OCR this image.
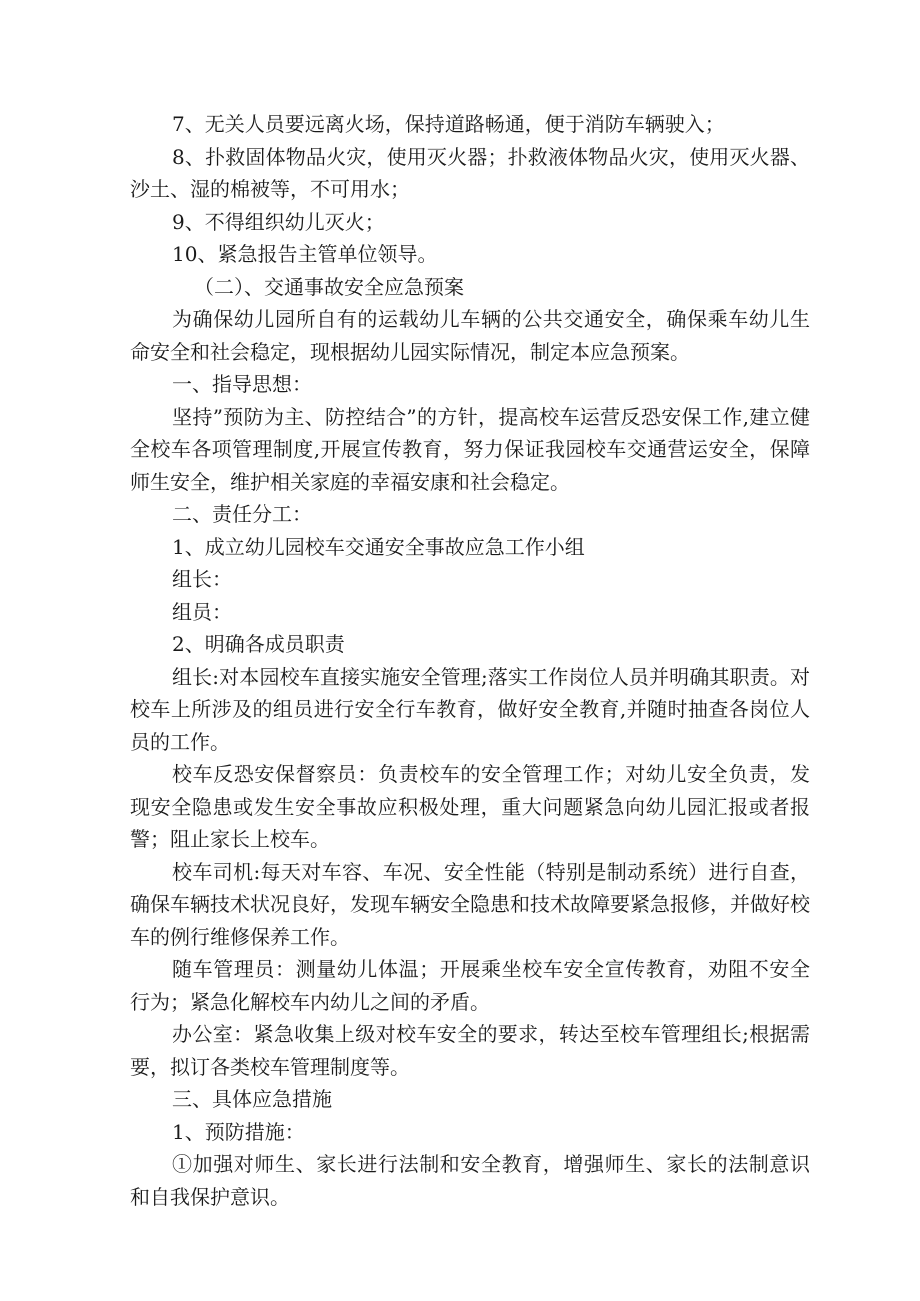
7、无关人员要远离火场，保持道路畅通，便于消防车辆驶入；

8、扑救固体物品火灾，使用灭火器；扑救液体物品火灾，使用灭火器、沙土、湿的棉被等，不可用水；

9、不得组织幼儿灭火；

10、紧急报告主管单位领导。

（二）、交通事故安全应急预案

为确保幼儿园所自有的运载幼儿车辆的公共交通安全，确保乘车幼儿生命安全和社会稳定，现根据幼儿园实际情况，制定本应急预案。

一、指导思想：

坚持”预防为主、防控结合”的方针，提高校车运营反恐安保工作,建立健全校车各项管理制度,开展宣传教育，努力保证我园校车交通营运安全，保障师生安全，维护相关家庭的幸福安康和社会稳定。

二、责任分工：

1、成立幼儿园校车交通安全事故应急工作小组

组长：

组员：

2、明确各成员职责

组长:对本园校车直接实施安全管理;落实工作岗位人员并明确其职责。对校车上所涉及的组员进行安全行车教育，做好安全教育,并随时抽查各岗位人员的工作。

校车反恐安保督察员：负责校车的安全管理工作；对幼儿安全负责，发现安全隐患或发生安全事故应积极处理，重大问题紧急向幼儿园汇报或者报警；阻止家长上校车。

校车司机:每天对车容、车况、安全性能（特别是制动系统）进行自查，确保车辆技术状况良好，发现车辆安全隐患和技术故障要紧急报修，并做好校车的例行维修保养工作。

随车管理员：测量幼儿体温；开展乘坐校车安全宣传教育，劝阻不安全行为；紧急化解校车内幼儿之间的矛盾。

办公室：紧急收集上级对校车安全的要求，转达至校车管理组长;根据需要，拟订各类校车管理制度等。

三、具体应急措施

1、预防措施：

①加强对师生、家长进行法制和安全教育，增强师生、家长的法制意识和自我保护意识。
